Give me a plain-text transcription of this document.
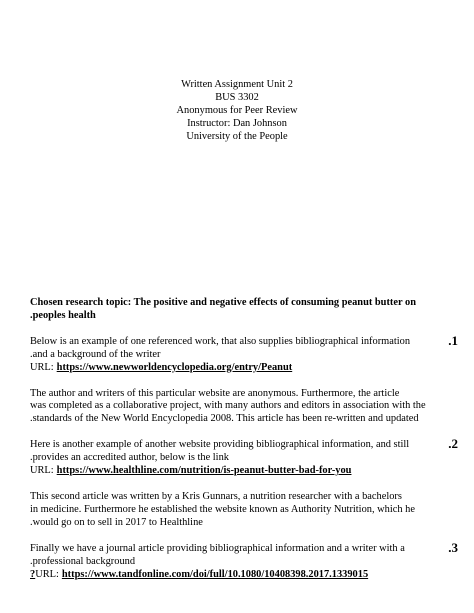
Written Assignment Unit 2
BUS 3302
Anonymous for Peer Review
Instructor: Dan Johnson
University of the People
Chosen research topic: The positive and negative effects of consuming peanut butter on
.peoples health
Below is an example of one referenced work, that also supplies bibliographical information	.1
.and a background of the writer
URL: https://www.newworldencyclopedia.org/entry/Peanut
The author and writers of this particular website are anonymous. Furthermore, the article
was completed as a collaborative project, with many authors and editors in association with the
.standards of the New World Encyclopedia 2008. This article has been re-written and updated
Here is another example of another website providing bibliographical information, and still	.2
.provides an accredited author, below is the link
URL: https://www.healthline.com/nutrition/is-peanut-butter-bad-for-you
This second article was written by a Kris Gunnars, a nutrition researcher with a bachelors
in medicine. Furthermore he established the website known as Authority Nutrition, which he
.would go on to sell in 2017 to Healthline
Finally we have a journal article providing bibliographical information and a writer with a	.3
.professional background
?URL: https://www.tandfonline.com/doi/full/10.1080/10408398.2017.1339015
